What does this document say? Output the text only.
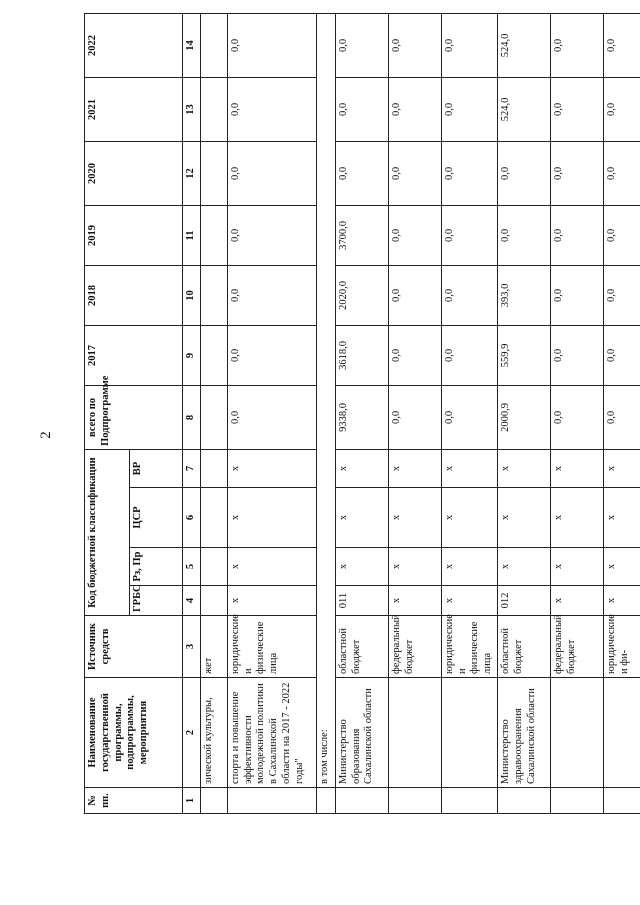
2
№ пп.	Наименование государственной программы, подпрограммы, мероприятия	Источник средств	Код бюджетной классификации				всего по Подпрограмме	2017	2018	2019	2020	2021	2022
			ГРБС	Рз, Пр	ЦСР	ВР							
1	2	3	4	5	6	7	8	9	10	11	12	13	14
	зической культуры,	жет											
	спорта и повышение эффективности молодежной политики в Сахалинской области на 2017 - 2022 годы"	юридические и физические лица	х	х	х	х	0,0	0,0	0,0	0,0	0,0	0,0	0,0
	в том числе:												
	Министерство образования Сахалинской области	областной бюджет	011	х	х	х	9338,0	3618,0	2020,0	3700,0	0,0	0,0	0,0
		федеральный бюджет	х	х	х	х	0,0	0,0	0,0	0,0	0,0	0,0	0,0
		юридические и физические лица	х	х	х	х	0,0	0,0	0,0	0,0	0,0	0,0	0,0
	Министерство здравоохранения Сахалинской области	областной бюджет	012	х	х	х	2000,9	559,9	393,0	0,0	0,0	524,0	524,0
		федеральный бюджет	х	х	х	х	0,0	0,0	0,0	0,0	0,0	0,0	0,0
		юридические и фи-	х	х	х	х	0,0	0,0	0,0	0,0	0,0	0,0	0,0
